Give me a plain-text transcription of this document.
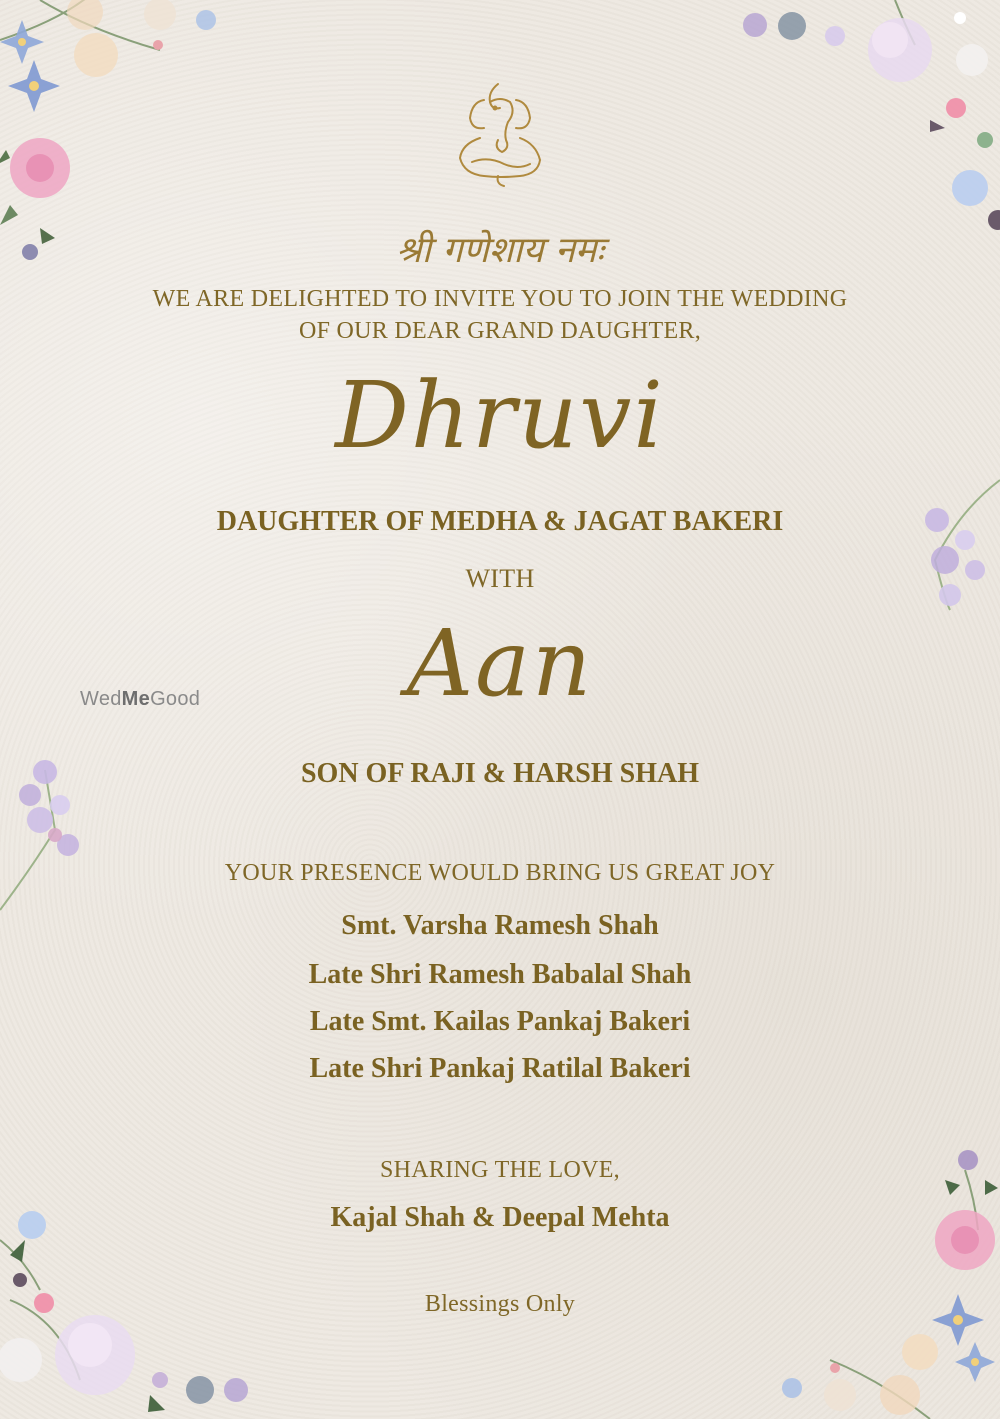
श्री गणेशाय नमः

WE ARE DELIGHTED TO INVITE YOU TO JOIN THE WEDDING

OF OUR DEAR GRAND DAUGHTER,

Dhruvi

DAUGHTER OF MEDHA & JAGAT BAKERI

WITH

Aan

SON OF RAJI & HARSH SHAH

WedMeGood

YOUR PRESENCE WOULD BRING US GREAT JOY

Smt. Varsha Ramesh Shah

Late Shri Ramesh Babalal Shah

Late Smt. Kailas Pankaj Bakeri

Late Shri Pankaj Ratilal Bakeri

SHARING THE LOVE,

Kajal Shah & Deepal Mehta

Blessings Only
